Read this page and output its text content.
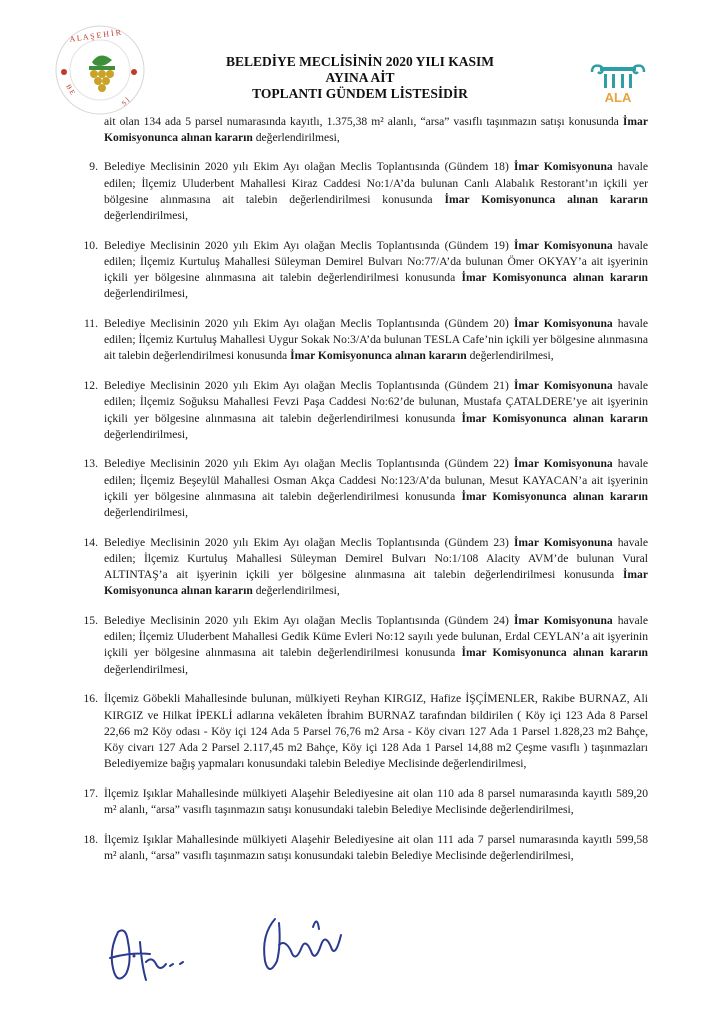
A L A Ş E H İ R
B E
S İ	ALA
BELEDİYE MECLİSİNİN 2020 YILI KASIM
AYINA AİT
TOPLANTI GÜNDEM LİSTESİDİR

ait olan 134 ada 5 parsel numarasında kayıtlı, 1.375,38 m² alanlı, “arsa” vasıflı taşınmazın satışı konusunda İmar Komisyonunca alınan kararın değerlendirilmesi,

9. Belediye Meclisinin 2020 yılı Ekim Ayı olağan Meclis Toplantısında (Gündem 18) İmar Komisyonuna havale edilen; İlçemiz Uluderbent Mahallesi Kiraz Caddesi No:1/A’da bulunan Canlı Alabalık Restorant’ın içkili yer bölgesine alınmasına ait talebin değerlendirilmesi konusunda İmar Komisyonunca alınan kararın değerlendirilmesi,
10. Belediye Meclisinin 2020 yılı Ekim Ayı olağan Meclis Toplantısında (Gündem 19) İmar Komisyonuna havale edilen; İlçemiz Kurtuluş Mahallesi Süleyman Demirel Bulvarı No:77/A’da bulunan Ömer OKYAY’a ait işyerinin içkili yer bölgesine alınmasına ait talebin değerlendirilmesi konusunda İmar Komisyonunca alınan kararın değerlendirilmesi,
11. Belediye Meclisinin 2020 yılı Ekim Ayı olağan Meclis Toplantısında (Gündem 20) İmar Komisyonuna havale edilen; İlçemiz Kurtuluş Mahallesi Uygur Sokak No:3/A’da bulunan TESLA Cafe’nin içkili yer bölgesine alınmasına ait talebin değerlendirilmesi konusunda İmar Komisyonunca alınan kararın değerlendirilmesi,
12. Belediye Meclisinin 2020 yılı Ekim Ayı olağan Meclis Toplantısında (Gündem 21) İmar Komisyonuna havale edilen; İlçemiz Soğuksu Mahallesi Fevzi Paşa Caddesi No:62’de bulunan, Mustafa ÇATALDERE’ye ait işyerinin içkili yer bölgesine alınmasına ait talebin değerlendirilmesi konusunda İmar Komisyonunca alınan kararın değerlendirilmesi,
13. Belediye Meclisinin 2020 yılı Ekim Ayı olağan Meclis Toplantısında (Gündem 22) İmar Komisyonuna havale edilen; İlçemiz Beşeylül Mahallesi Osman Akça Caddesi No:123/A’da bulunan, Mesut KAYACAN’a ait işyerinin içkili yer bölgesine alınmasına ait talebin değerlendirilmesi konusunda İmar Komisyonunca alınan kararın değerlendirilmesi,
14. Belediye Meclisinin 2020 yılı Ekim Ayı olağan Meclis Toplantısında (Gündem 23) İmar Komisyonuna havale edilen; İlçemiz Kurtuluş Mahallesi Süleyman Demirel Bulvarı No:1/108 Alacity AVM’de bulunan Vural ALTINTAŞ’a ait işyerinin içkili yer bölgesine alınmasına ait talebin değerlendirilmesi konusunda İmar Komisyonunca alınan kararın değerlendirilmesi,
15. Belediye Meclisinin 2020 yılı Ekim Ayı olağan Meclis Toplantısında (Gündem 24) İmar Komisyonuna havale edilen; İlçemiz Uluderbent Mahallesi Gedik Küme Evleri No:12 sayılı yede bulunan, Erdal CEYLAN’a ait işyerinin içkili yer bölgesine alınmasına ait talebin değerlendirilmesi konusunda İmar Komisyonunca alınan kararın değerlendirilmesi,
16. İlçemiz Göbekli Mahallesinde bulunan, mülkiyeti Reyhan KIRGIZ, Hafize İŞÇİMENLER, Rakibe BURNAZ, Ali KIRGIZ ve Hilkat İPEKLİ adlarına vekâleten İbrahim BURNAZ tarafından bildirilen ( Köy içi 123 Ada 8 Parsel 22,66 m2 Köy odası - Köy içi 124 Ada 5 Parsel 76,76 m2 Arsa - Köy civarı 127 Ada 1 Parsel 1.828,23 m2 Bahçe, Köy civarı 127 Ada 2 Parsel 2.117,45 m2 Bahçe, Köy içi 128 Ada 1 Parsel 14,88 m2 Çeşme vasıflı ) taşınmazları Belediyemize bağış yapmaları konusundaki talebin Belediye Meclisinde değerlendirilmesi,
17. İlçemiz Işıklar Mahallesinde mülkiyeti Alaşehir Belediyesine ait olan 110 ada 8 parsel numarasında kayıtlı 589,20 m² alanlı, “arsa” vasıflı taşınmazın satışı konusundaki talebin Belediye Meclisinde değerlendirilmesi,
18. İlçemiz Işıklar Mahallesinde mülkiyeti Alaşehir Belediyesine ait olan 111 ada 7 parsel numarasında kayıtlı 599,58 m² alanlı, “arsa” vasıflı taşınmazın satışı konusundaki talebin Belediye Meclisinde değerlendirilmesi,
